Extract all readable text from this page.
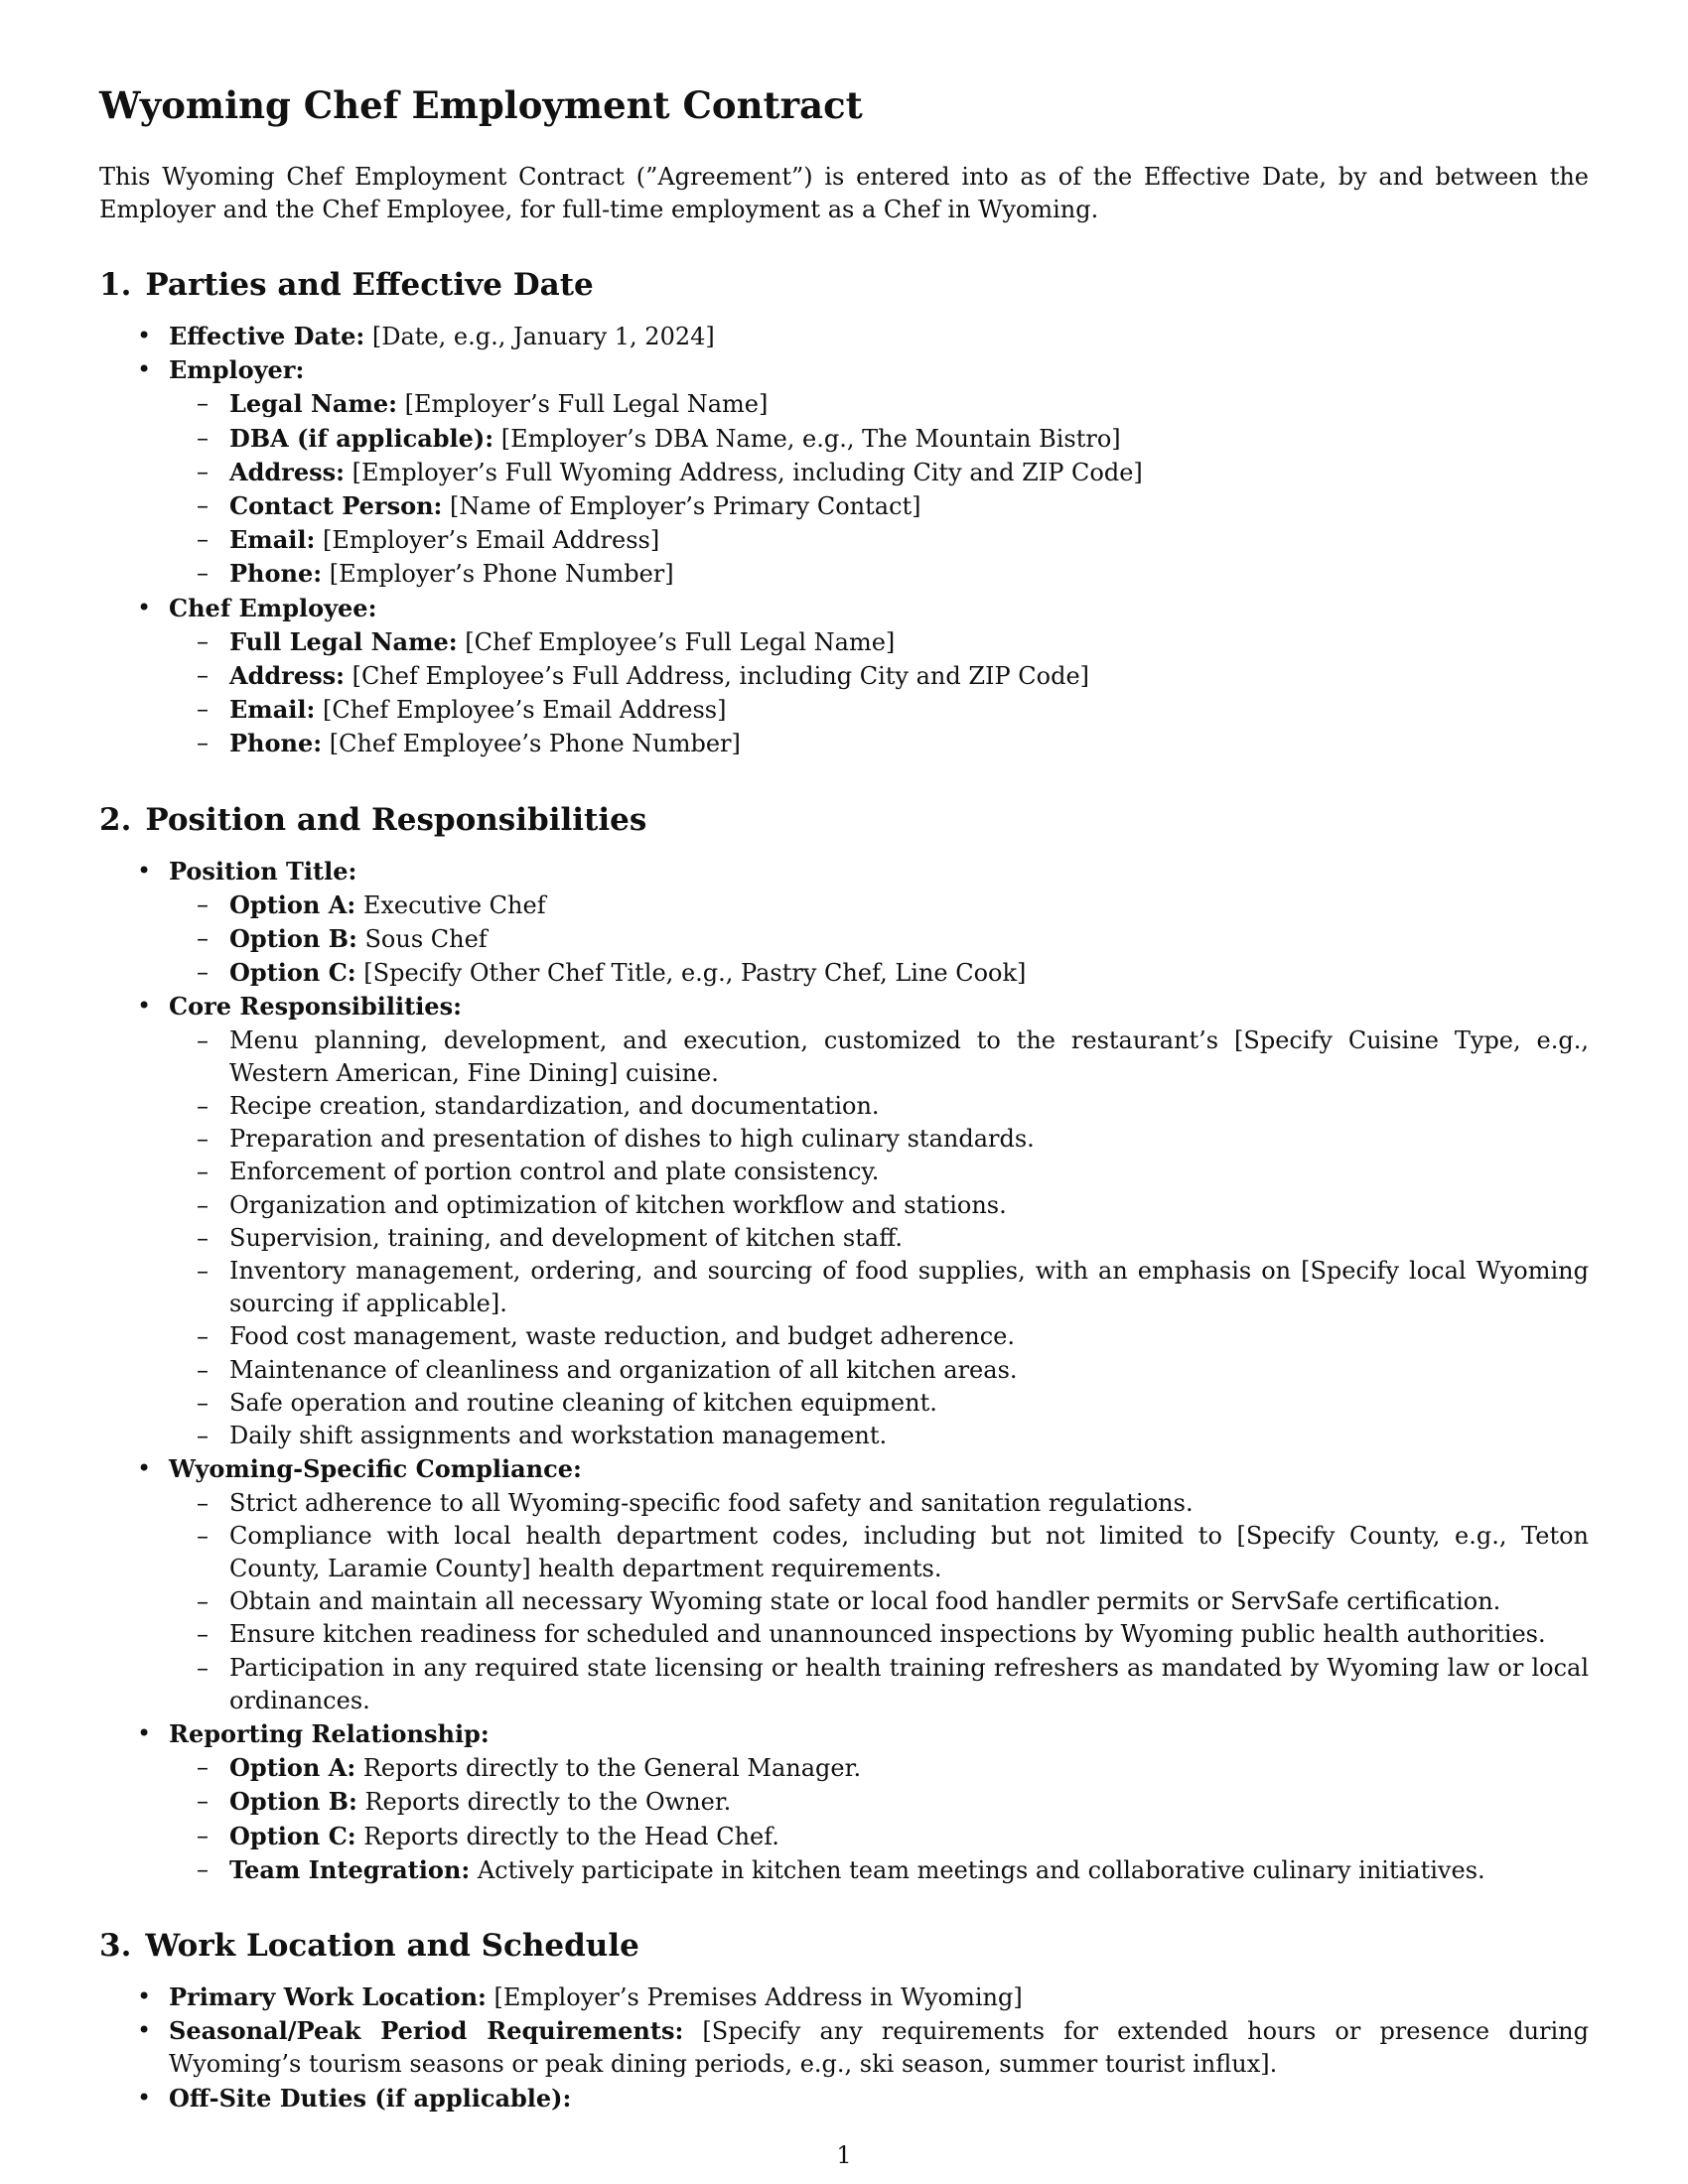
Wyoming Chef Employment Contract

This Wyoming Chef Employment Contract (”Agreement”) is entered into as of the Effective Date, by and between the Employer and the Chef Employee, for full-time employment as a Chef in Wyoming.

1. Parties and Effective Date
• Effective Date: [Date, e.g., January 1, 2024]
• Employer:
– Legal Name: [Employer’s Full Legal Name]
– DBA (if applicable): [Employer’s DBA Name, e.g., The Mountain Bistro]
– Address: [Employer’s Full Wyoming Address, including City and ZIP Code]
– Contact Person: [Name of Employer’s Primary Contact]
– Email: [Employer’s Email Address]
– Phone: [Employer’s Phone Number]
• Chef Employee:
– Full Legal Name: [Chef Employee’s Full Legal Name]
– Address: [Chef Employee’s Full Address, including City and ZIP Code]
– Email: [Chef Employee’s Email Address]
– Phone: [Chef Employee’s Phone Number]
2. Position and Responsibilities
• Position Title:
– Option A: Executive Chef
– Option B: Sous Chef
– Option C: [Specify Other Chef Title, e.g., Pastry Chef, Line Cook]
• Core Responsibilities:
– Menu planning, development, and execution, customized to the restaurant’s [Specify Cuisine Type, e.g., Western American, Fine Dining] cuisine.
– Recipe creation, standardization, and documentation.
– Preparation and presentation of dishes to high culinary standards.
– Enforcement of portion control and plate consistency.
– Organization and optimization of kitchen workflow and stations.
– Supervision, training, and development of kitchen staff.
– Inventory management, ordering, and sourcing of food supplies, with an emphasis on [Specify local Wyoming sourcing if applicable].
– Food cost management, waste reduction, and budget adherence.
– Maintenance of cleanliness and organization of all kitchen areas.
– Safe operation and routine cleaning of kitchen equipment.
– Daily shift assignments and workstation management.
• Wyoming-Specific Compliance:
– Strict adherence to all Wyoming-specific food safety and sanitation regulations.
– Compliance with local health department codes, including but not limited to [Specify County, e.g., Teton County, Laramie County] health department requirements.
– Obtain and maintain all necessary Wyoming state or local food handler permits or ServSafe certification.
– Ensure kitchen readiness for scheduled and unannounced inspections by Wyoming public health authorities.
– Participation in any required state licensing or health training refreshers as mandated by Wyoming law or local ordinances.
• Reporting Relationship:
– Option A: Reports directly to the General Manager.
– Option B: Reports directly to the Owner.
– Option C: Reports directly to the Head Chef.
– Team Integration: Actively participate in kitchen team meetings and collaborative culinary initiatives.
3. Work Location and Schedule
• Primary Work Location: [Employer’s Premises Address in Wyoming]
• Seasonal/Peak Period Requirements: [Specify any requirements for extended hours or presence during Wyoming’s tourism seasons or peak dining periods, e.g., ski season, summer tourist influx].
• Off-Site Duties (if applicable):
1
